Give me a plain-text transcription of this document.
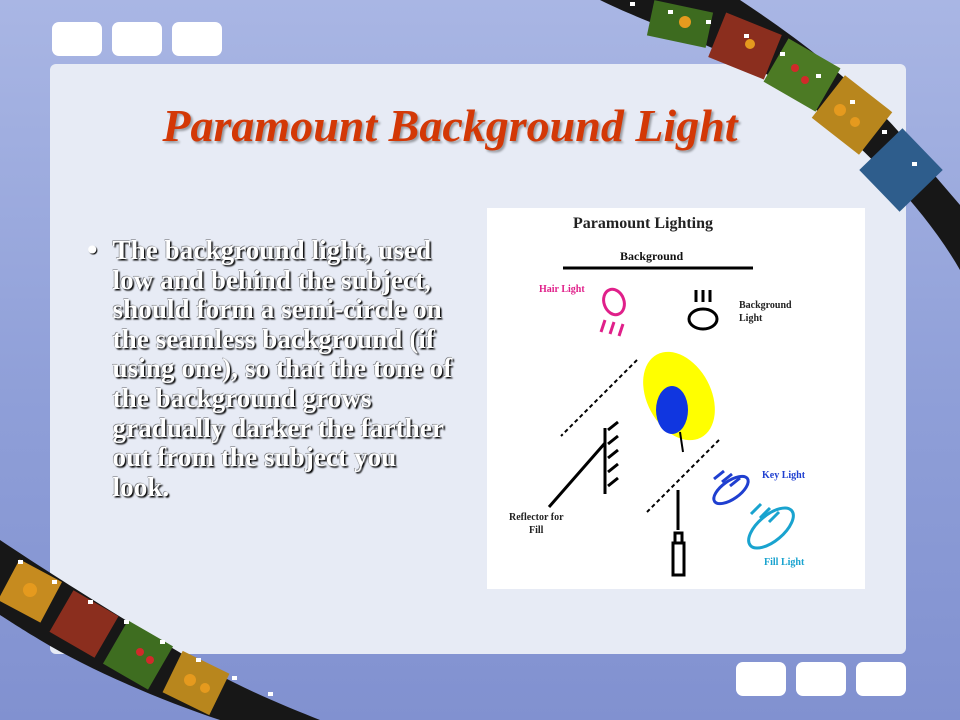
Paramount Background Light
• The background light, used low and behind the subject, should form a semi-circle on the seamless background (if using one), so that the tone of the background grows gradually darker the farther out from the subject you look.
Paramount Lighting
Background
Hair Light
Background
Light
Reflector for
Fill
Key Light
Fill Light
